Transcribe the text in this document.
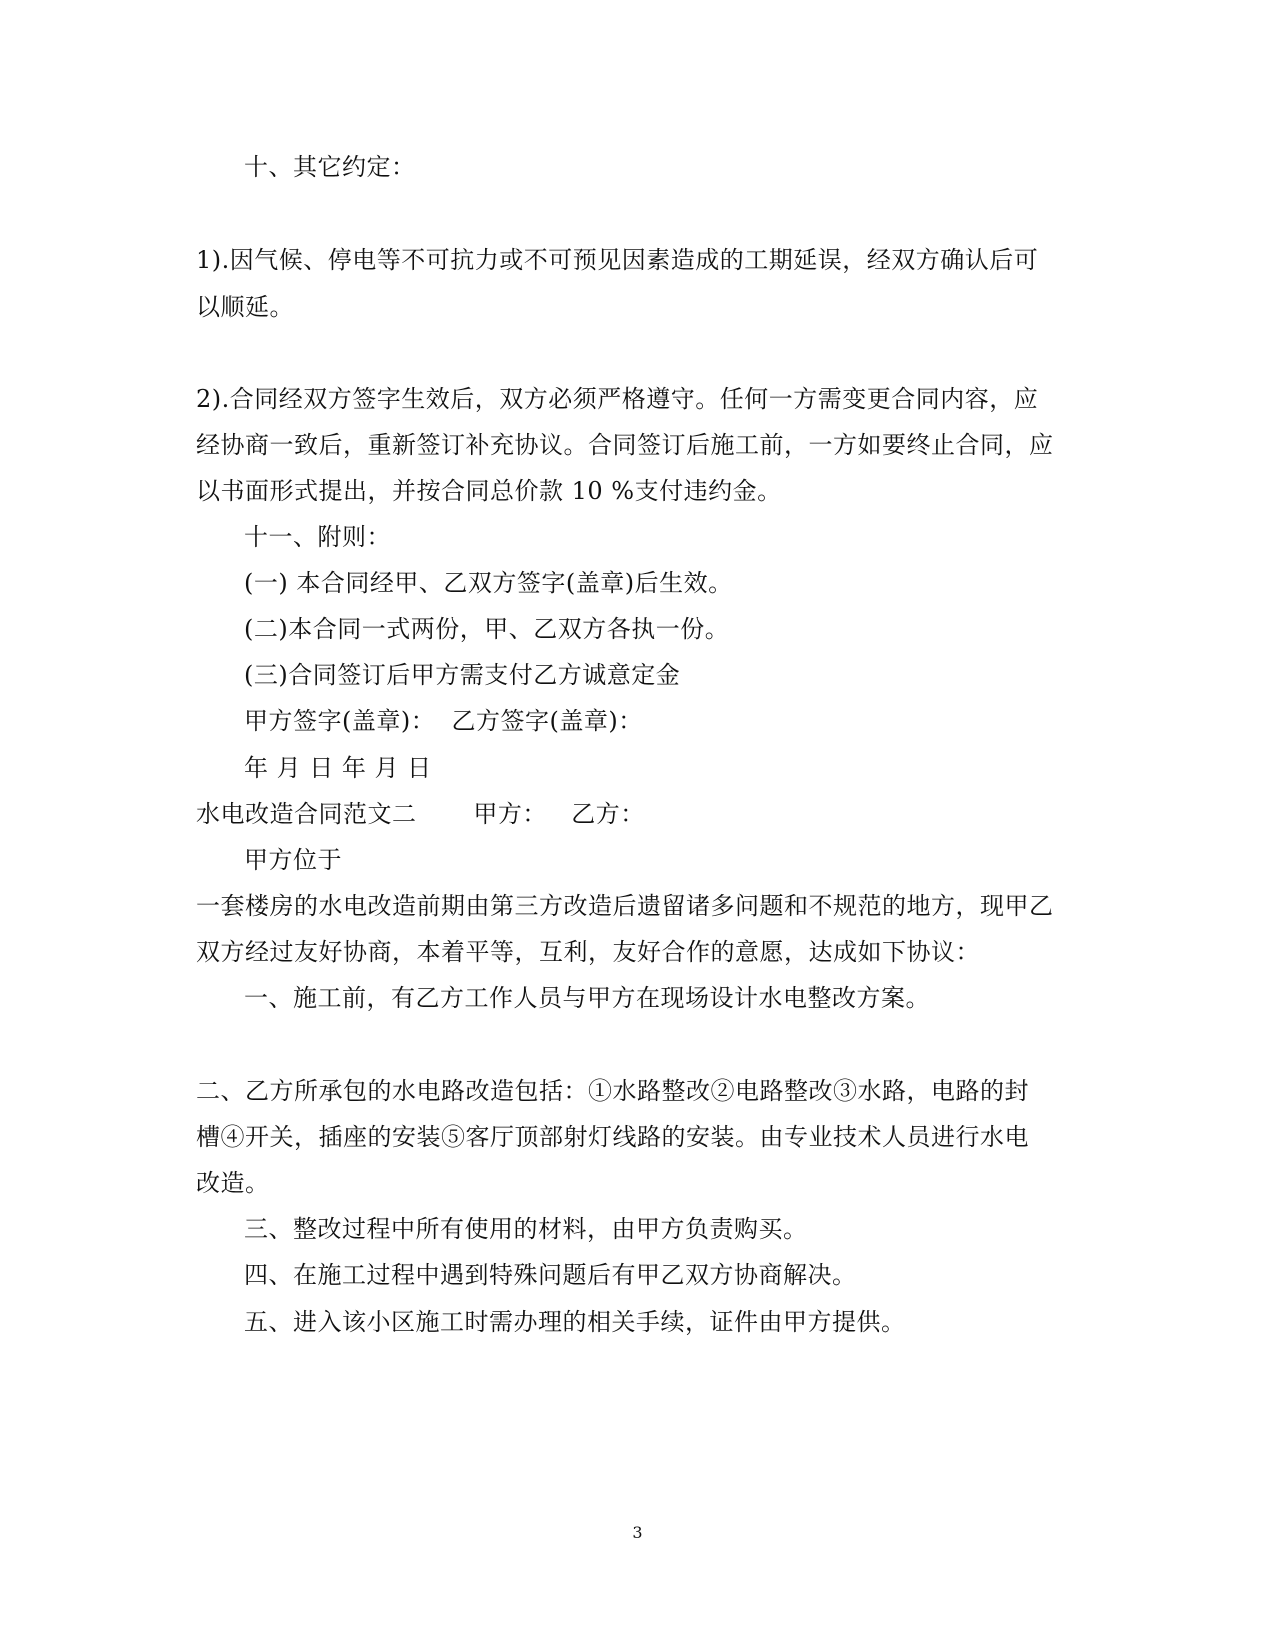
十、其它约定：
1).因气候、停电等不可抗力或不可预见因素造成的工期延误，经双方确认后可
以顺延。
2).合同经双方签字生效后，双方必须严格遵守。任何一方需变更合同内容，应
经协商一致后，重新签订补充协议。合同签订后施工前，一方如要终止合同，应
以书面形式提出，并按合同总价款 10 %支付违约金。
十一、附则：
(一) 本合同经甲、乙双方签字(盖章)后生效。
(二)本合同一式两份，甲、乙双方各执一份。
(三)合同签订后甲方需支付乙方诚意定金
甲方签字(盖章)：  乙方签字(盖章)：
年 月 日 年 月 日
水电改造合同范文二       甲方：   乙方：
甲方位于
一套楼房的水电改造前期由第三方改造后遗留诸多问题和不规范的地方，现甲乙
双方经过友好协商，本着平等，互利，友好合作的意愿，达成如下协议：
一、施工前，有乙方工作人员与甲方在现场设计水电整改方案。
二、乙方所承包的水电路改造包括：①水路整改②电路整改③水路，电路的封
槽④开关，插座的安装⑤客厅顶部射灯线路的安装。由专业技术人员进行水电
改造。
三、整改过程中所有使用的材料，由甲方负责购买。
四、在施工过程中遇到特殊问题后有甲乙双方协商解决。
五、进入该小区施工时需办理的相关手续，证件由甲方提供。
3
